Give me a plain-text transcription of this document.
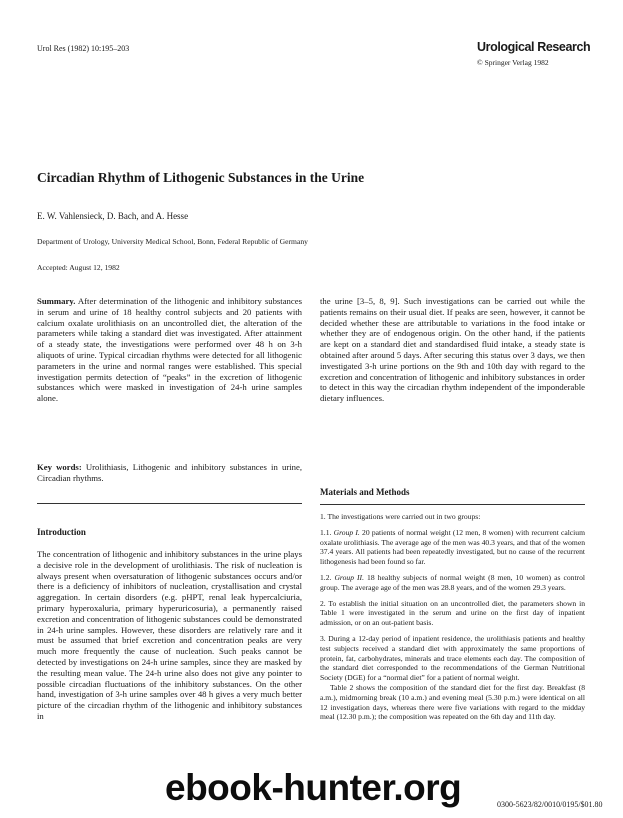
Urol Res (1982) 10:195–203	Urological Research
© Springer Verlag 1982
Circadian Rhythm of Lithogenic Substances in the Urine
E. W. Vahlensieck, D. Bach, and A. Hesse
Department of Urology, University Medical School, Bonn, Federal Republic of Germany
Accepted: August 12, 1982
Summary. After determination of the lithogenic and inhibitory substances in serum and urine of 18 healthy control subjects and 20 patients with calcium oxalate urolithiasis on an uncontrolled diet, the alteration of the parameters while taking a standard diet was investigated. After attainment of a steady state, the investigations were performed over 48 h on 3-h aliquots of urine. Typical circadian rhythms were detected for all lithogenic parameters in the urine and normal ranges were established. This special investigation permits detection of “peaks” in the excretion of lithogenic substances which were masked in investigation of 24-h urine samples alone.
Key words: Urolithiasis, Lithogenic and inhibitory substances in urine, Circadian rhythms.
Introduction
The concentration of lithogenic and inhibitory substances in the urine plays a decisive role in the development of urolithiasis. The risk of nucleation is always present when oversaturation of lithogenic substances occurs and/or there is a deficiency of inhibitors of nucleation, crystallisation and crystal aggregation. In certain disorders (e.g. pHPT, renal leak hypercalciuria, primary hyperoxaluria, primary hyperuricosuria), a permanently raised excretion and concentration of lithogenic substances could be demonstrated in 24-h urine samples. However, these disorders are relatively rare and it must be assumed that brief excretion and concentration peaks are very much more frequently the cause of nucleation. Such peaks cannot be detected by investigations on 24-h urine samples, since they are masked by the resulting mean value. The 24-h urine also does not give any pointer to possible circadian fluctuations of the inhibitory substances. On the other hand, investigation of 3-h urine samples over 48 h gives a very much better picture of the circadian rhythm of the lithogenic and inhibitory substances in
the urine [3–5, 8, 9]. Such investigations can be carried out while the patients remains on their usual diet. If peaks are seen, however, it cannot be decided whether these are attributable to variations in the food intake or whether they are of endogenous origin. On the other hand, if the patients are kept on a standard diet and standardised fluid intake, a steady state is obtained after around 5 days. After securing this status over 3 days, we then investigated 3-h urine portions on the 9th and 10th day with regard to the excretion and concentration of lithogenic and inhibitory substances in order to detect in this way the circadian rhythm independent of the imponderable dietary influences.
Materials and Methods

1. The investigations were carried out in two groups:

1.1. Group I. 20 patients of normal weight (12 men, 8 women) with recurrent calcium oxalate urolithiasis. The average age of the men was 40.3 years, and that of the women 37.4 years. All patients had been repeatedly investigated, but no cause of the recurrent lithogenesis had been found so far.

1.2. Group II. 18 healthy subjects of normal weight (8 men, 10 women) as control group. The average age of the men was 28.8 years, and of the women 29.3 years.

2. To establish the initial situation on an uncontrolled diet, the parameters shown in Table 1 were investigated in the serum and urine on the first day of inpatient admission, or on an out-patient basis.

3. During a 12-day period of inpatient residence, the urolithiasis patients and healthy test subjects received a standard diet with approximately the same proportions of protein, fat, carbohydrates, minerals and trace elements each day. The composition of the standard diet corresponded to the recommendations of the German Nutritional Society (DGE) for a “normal diet” for a patient of normal weight.

Table 2 shows the composition of the standard diet for the first day. Breakfast (8 a.m.), midmorning break (10 a.m.) and evening meal (5.30 p.m.) were identical on all 12 investigation days, whereas there were five variations with regard to the midday meal (12.30 p.m.); the composition was repeated on the 6th day and 11th day.

ebook-hunter.org	0300-5623/82/0010/0195/$01.80
